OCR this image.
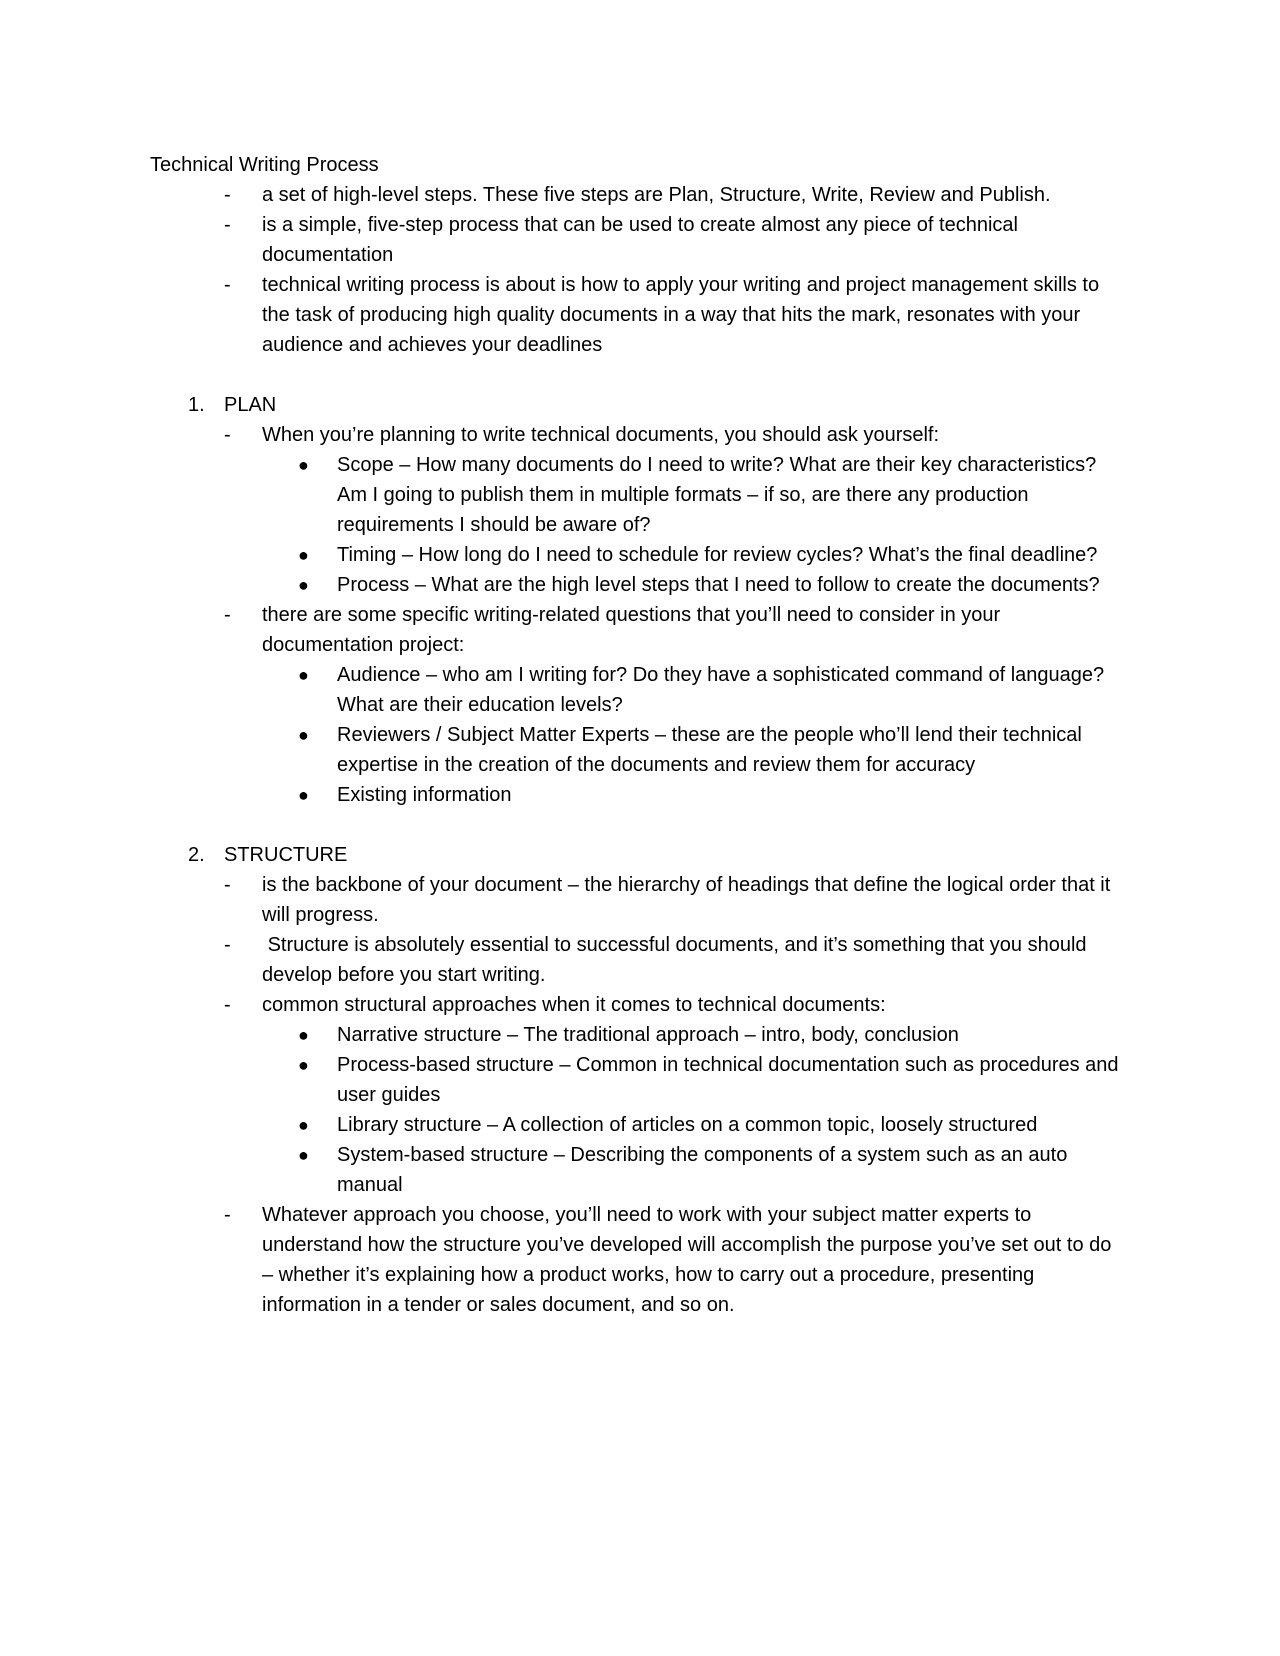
Technical Writing Process
- a set of high-level steps. These five steps are Plan, Structure, Write, Review and Publish.
- is a simple, five-step process that can be used to create almost any piece of technical documentation
- technical writing process is about is how to apply your writing and project management skills to the task of producing high quality documents in a way that hits the mark, resonates with your audience and achieves your deadlines
1. PLAN
- When you’re planning to write technical documents, you should ask yourself:
● Scope – How many documents do I need to write? What are their key characteristics? Am I going to publish them in multiple formats – if so, are there any production requirements I should be aware of?
● Timing – How long do I need to schedule for review cycles? What’s the final deadline?
● Process – What are the high level steps that I need to follow to create the documents?
- there are some specific writing-related questions that you’ll need to consider in your documentation project:
● Audience – who am I writing for? Do they have a sophisticated command of language? What are their education levels?
● Reviewers / Subject Matter Experts – these are the people who’ll lend their technical expertise in the creation of the documents and review them for accuracy
● Existing information
2. STRUCTURE
- is the backbone of your document – the hierarchy of headings that define the logical order that it will progress.
- Structure is absolutely essential to successful documents, and it’s something that you should develop before you start writing.
- common structural approaches when it comes to technical documents:
● Narrative structure – The traditional approach – intro, body, conclusion
● Process-based structure – Common in technical documentation such as procedures and user guides
● Library structure – A collection of articles on a common topic, loosely structured
● System-based structure – Describing the components of a system such as an auto manual
- Whatever approach you choose, you’ll need to work with your subject matter experts to understand how the structure you’ve developed will accomplish the purpose you’ve set out to do – whether it’s explaining how a product works, how to carry out a procedure, presenting information in a tender or sales document, and so on.
